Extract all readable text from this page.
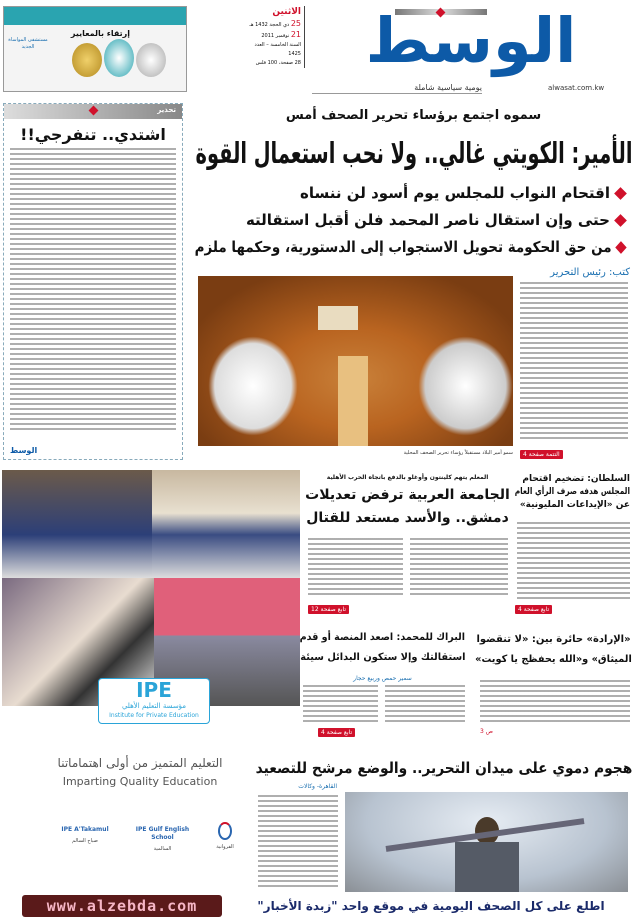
إرتقاء بالمعايير
مستشفى المواساة الجديد
الاثنين
25 ذي الحجة 1432 هـ
21 نوفمبر 2011
السنة الخامسة – العدد
1425
28 صفحة، 100 فلس	الوسط
يومية سياسية شاملة	alwasat.com.kw
تحذير
اشتدي.. تنفرجي!!
الوسط
سموه اجتمع برؤساء تحرير الصحف أمس
الأمير: الكويتي غالي.. ولا نحب استعمال القوة
اقتحام النواب للمجلس يوم أسود لن ننساه
حتى وإن استقال ناصر المحمد فلن أقبل استقالته
من حق الحكومة تحويل الاستجواب إلى الدستورية، وحكمها ملزم
كتب: رئيس التحرير
التتمة صفحة 4
سمو أمير البلاد مستقبلاً رؤساء تحرير الصحف المحلية
IPE
مؤسسة التعليم الأهلي
Institute for Private Education
التعليم المتميز من أولى اهتماماتنا
Imparting Quality Education
IPE A'Takamul
صباح السالم
IPE Gulf English School
السالمية	الفروانية
المعلم يتهم كلينتون وأوغلو بالدفع باتجاه الحرب الأهلية
الجامعة العربية ترفض تعديلات
دمشق.. والأسد مستعد للقتال
تابع صفحة 12
السلطان: تضخيم اقتحام
المجلس هدفه صرف الرأي العام
عن «الإيداعات المليونية»
تابع صفحة 4
البراك للمحمد: اصعد المنصة أو قدم
استقالتك وإلا ستكون البدائل سيئة
سمير حمص وربيع حجار
تابع صفحة 4
«الإرادة» حائرة بين: «لا تنقضوا
الميثاق» و«الله يحفظج يا كويت»
ص 3
هجوم دموي على ميدان التحرير.. والوضع مرشح للتصعيد
القاهرة- وكالات
www.alzebda.com	اطلع على كل الصحف اليومية في موقع واحد "زبدة الأخبار"
